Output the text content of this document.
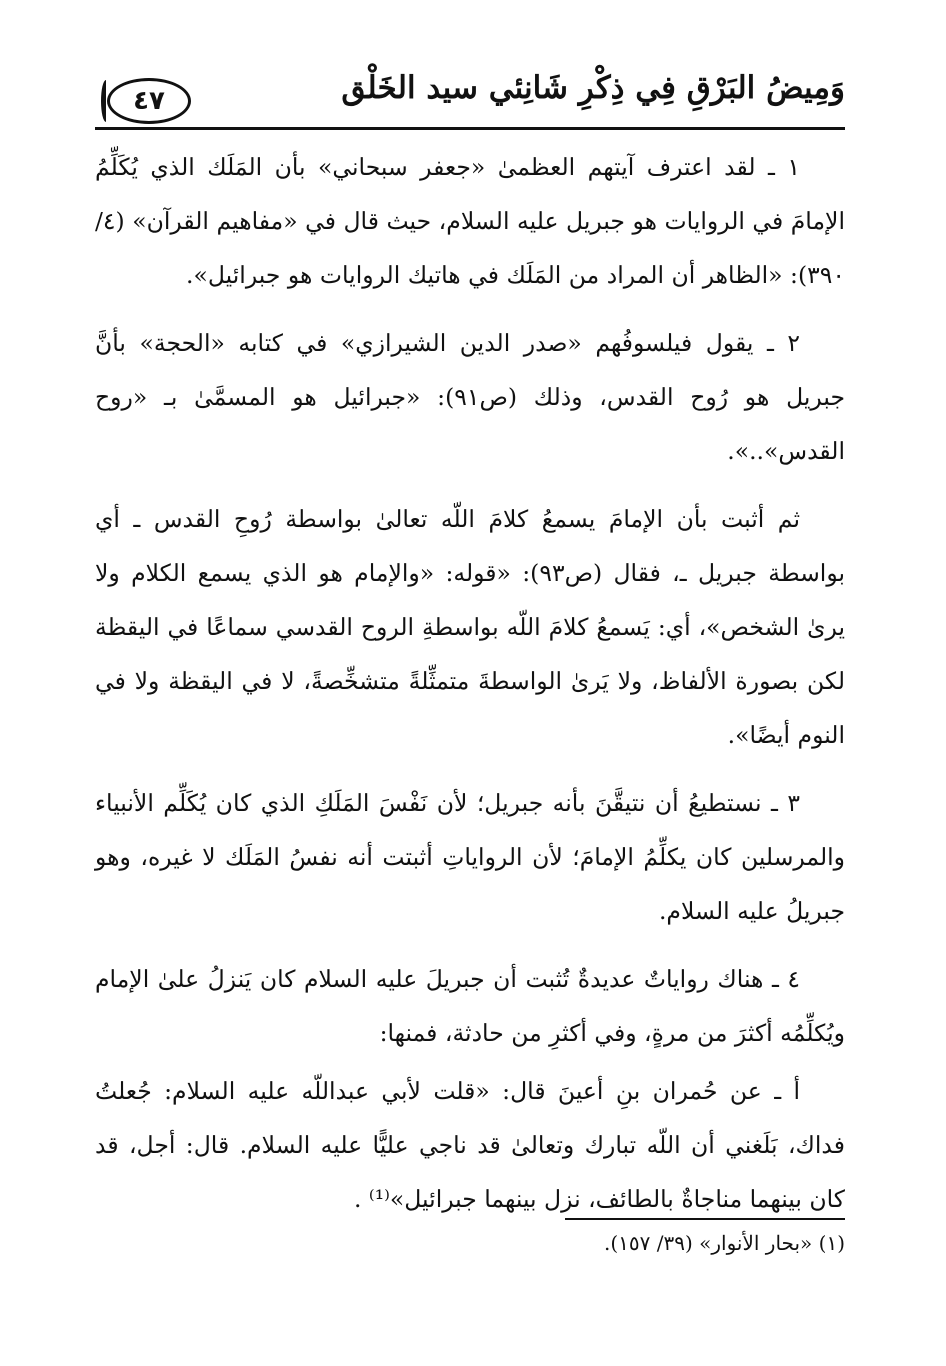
وَمِيضُ البَرْقِ فِي ذِكْرِ شَانِئي سيد الخَلْق
٤٧

١ ـ لقد اعترف آيتهم العظمىٰ «جعفر سبحاني» بأن المَلَك الذي يُكَلِّمُ الإمامَ في الروايات هو جبريل عليه السلام، حيث قال في «مفاهيم القرآن» (٤/ ٣٩٠): «الظاهر أن المراد من المَلَك في هاتيك الروايات هو جبرائيل».

٢ ـ يقول فيلسوفُهم «صدر الدين الشيرازي» في كتابه «الحجة» بأنَّ جبريل هو رُوح القدس، وذلك (ص٩١): «جبرائيل هو المسمَّىٰ بـ «روح القدس»..».

ثم أثبت بأن الإمامَ يسمعُ كلامَ اللّه تعالىٰ بواسطة رُوحِ القدس ـ أي بواسطة جبريل ـ، فقال (ص٩٣): «قوله: «والإمام هو الذي يسمع الكلام ولا يرىٰ الشخص»، أي: يَسمعُ كلامَ اللّه بواسطةِ الروح القدسي سماعًا في اليقظة لكن بصورة الألفاظ، ولا يَرىٰ الواسطةَ متمثِّلةً متشخِّصةً، لا في اليقظة ولا في النوم أيضًا».

٣ ـ نستطيعُ أن نتيقَّنَ بأنه جبريل؛ لأن نَفْسَ المَلَكِ الذي كان يُكَلِّم الأنبياء والمرسلين كان يكلِّمُ الإمامَ؛ لأن الرواياتِ أثبتت أنه نفسُ المَلَك لا غيره، وهو جبريلُ عليه السلام.

٤ ـ هناك رواياتٌ عديدةٌ تُثبت أن جبريلَ عليه السلام كان يَنزلُ علىٰ الإمام ويُكلِّمُه أكثرَ من مرةٍ، وفي أكثرِ من حادثة، فمنها:

أ ـ عن حُمران بنِ أعينَ قال: «قلت لأبي عبداللّه عليه السلام: جُعلتُ فداك، بَلَغني أن اللّه تبارك وتعالىٰ قد ناجي عليًّا عليه السلام. قال: أجل، قد كان بينهما مناجاةٌ بالطائف، نزل بينهما جبرائيل»⁽¹⁾ .

(١) «بحار الأنوار» (٣٩/ ١٥٧).
